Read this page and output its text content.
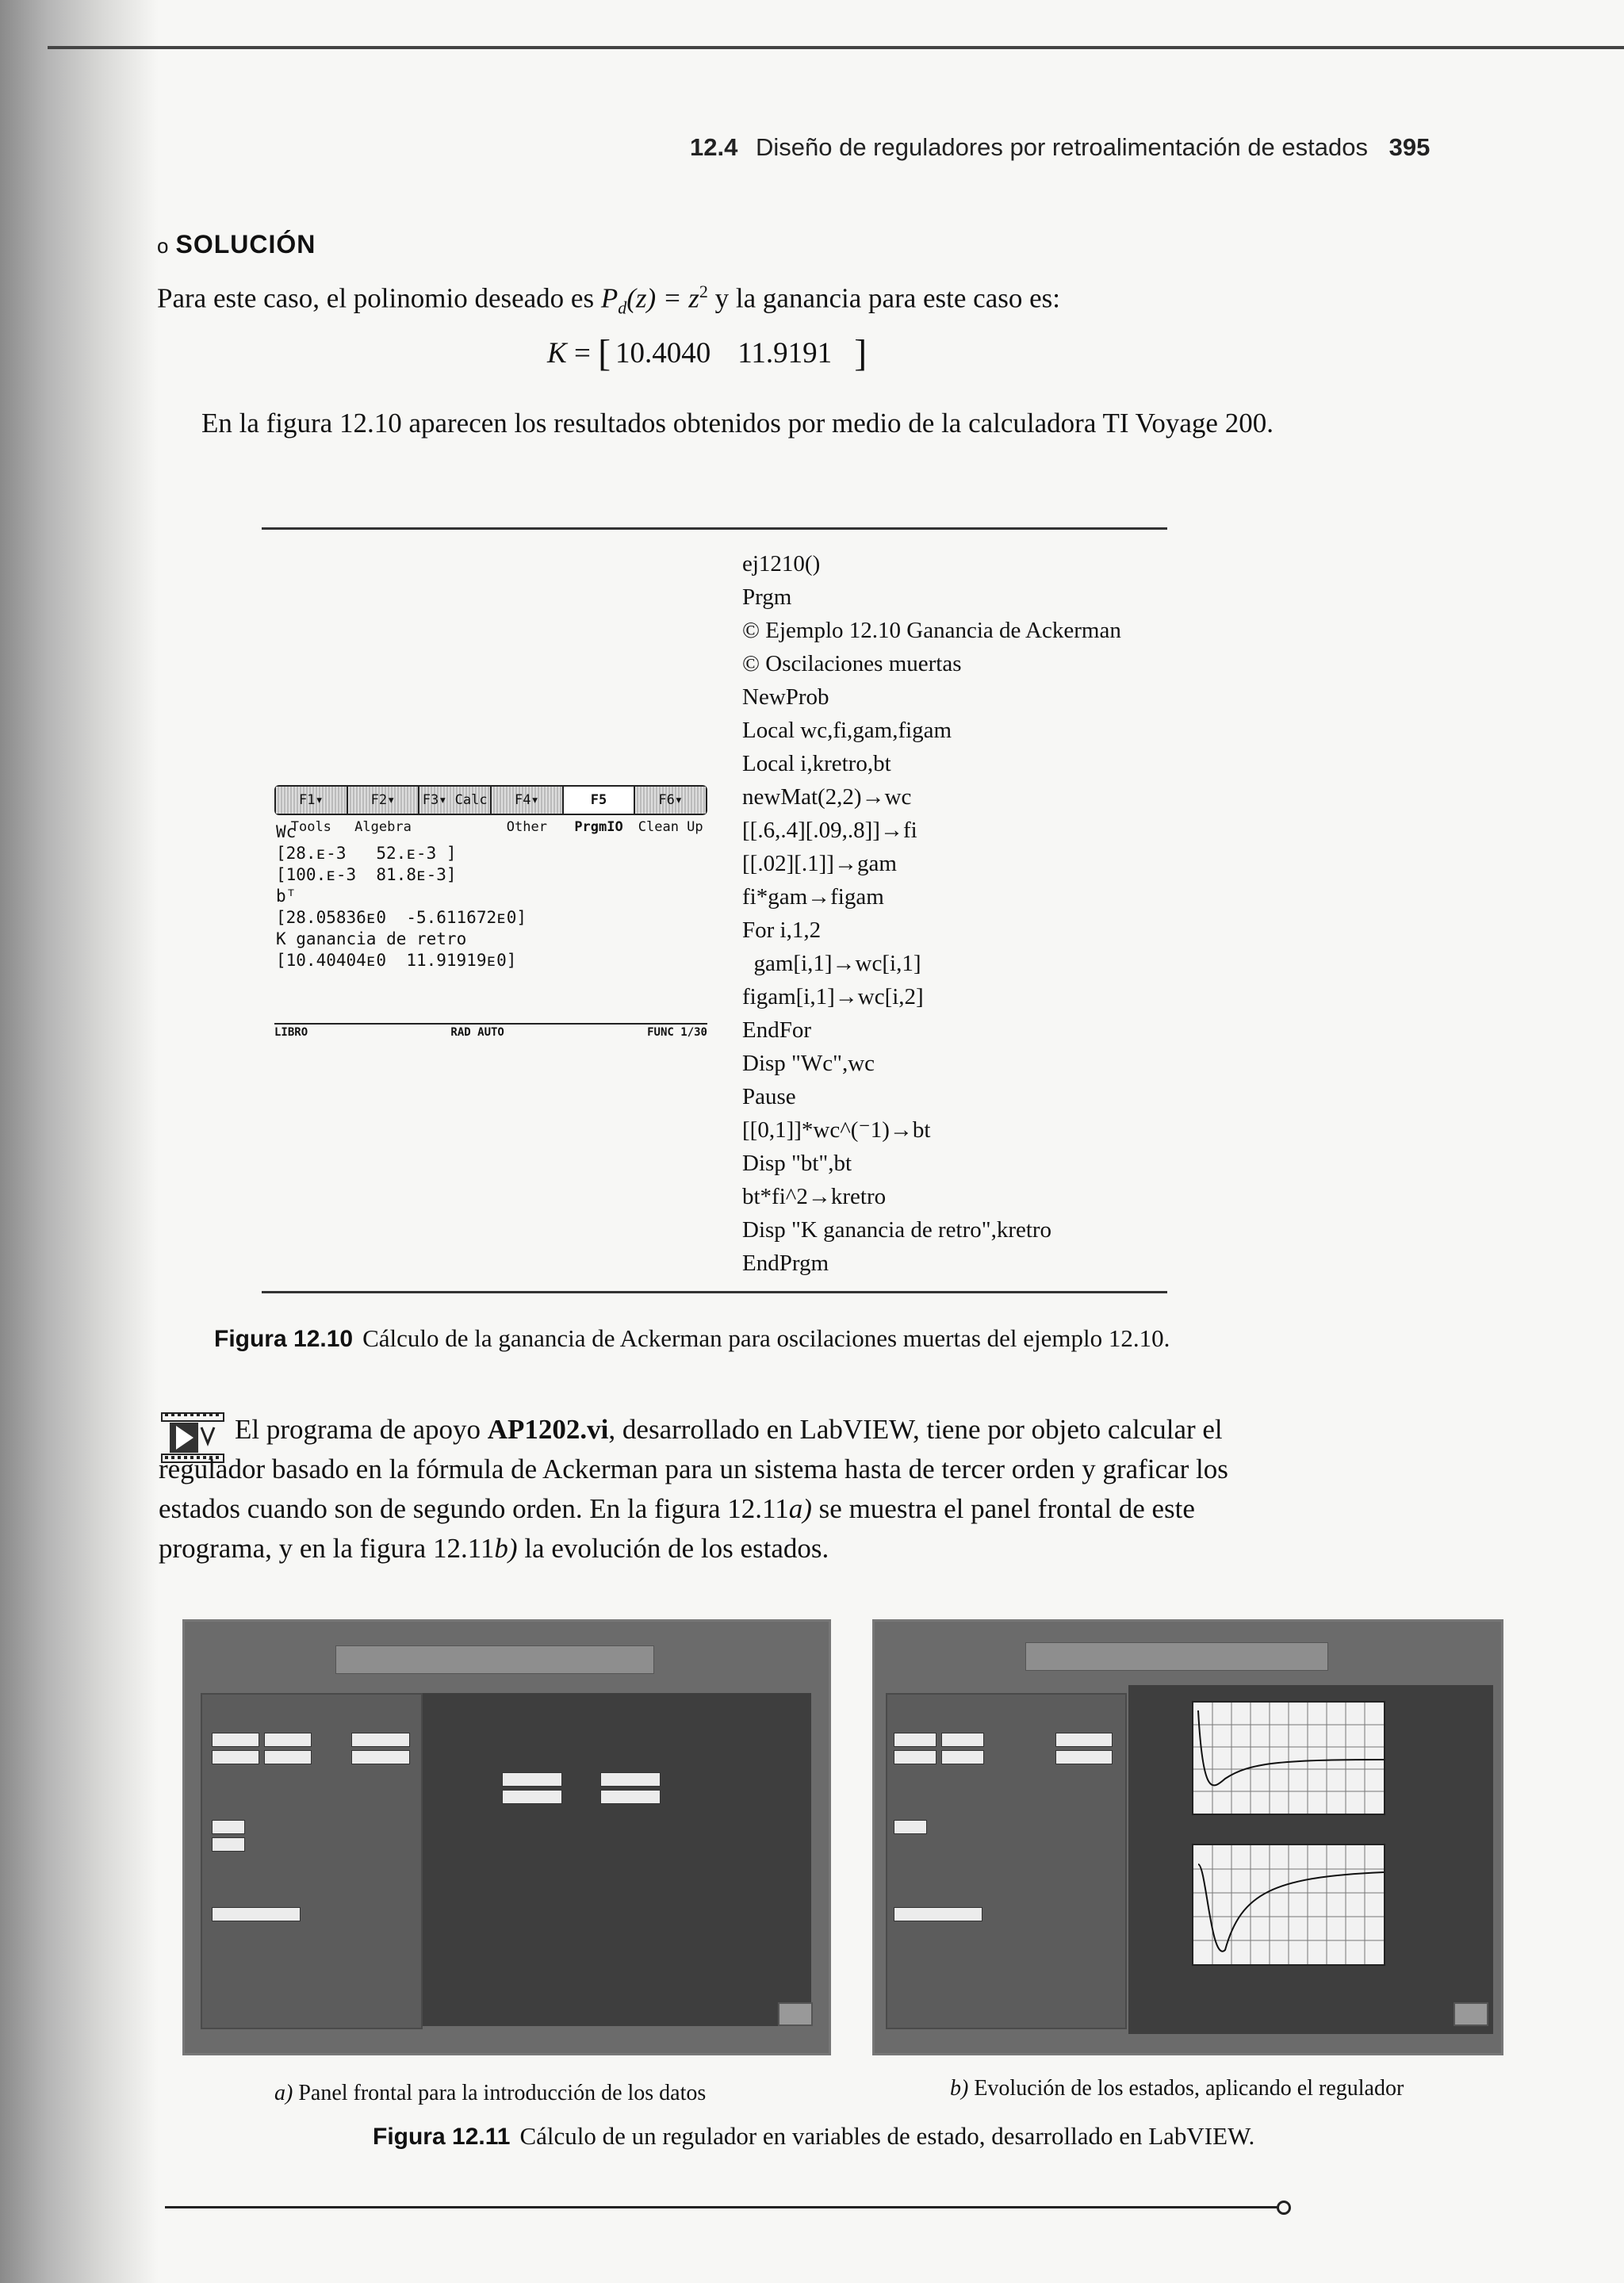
12.4 Diseño de reguladores por retroalimentación de estados 395
o SOLUCIÓN
Para este caso, el polinomio deseado es $P_d(z) = z^2$ y la ganancia para este caso es:
K = [ 10.4040 11.9191 ]
En la figura 12.10 aparecen los resultados obtenidos por medio de la calculadora TI Voyage 200.
F1▾ Tools
F2▾ Algebra
F3▾ Calc	F4▾ Other
F5 PrgmIO
F6▾ Clean Up
Wc
[28.ᴇ-3   52.ᴇ-3 ]
[100.ᴇ-3  81.8ᴇ-3]
bᵀ
[28.05836ᴇ0  -5.611672ᴇ0]
K ganancia de retro
[10.40404ᴇ0  11.91919ᴇ0]
LIBRO	RAD AUTO	FUNC 1/30
ej1210()
Prgm
© Ejemplo 12.10 Ganancia de Ackerman
© Oscilaciones muertas
NewProb
Local wc,fi,gam,figam
Local i,kretro,bt
newMat(2,2)→wc
[[.6,.4][.09,.8]]→fi
[[.02][.1]]→gam
fi*gam→figam
For i,1,2
gam[i,1]→wc[i,1]
figam[i,1]→wc[i,2]
EndFor
Disp "Wc",wc
Pause
[[0,1]]*wc^(⁻1)→bt
Disp "bt",bt
bt*fi^2→kretro
Disp "K ganancia de retro",kretro
EndPrgm
Figura 12.10 Cálculo de la ganancia de Ackerman para oscilaciones muertas del ejemplo 12.10.
El programa de apoyo AP1202.vi, desarrollado en LabVIEW, tiene por objeto calcular el regulador basado en la fórmula de Ackerman para un sistema hasta de tercer orden y graficar los estados cuando son de segundo orden. En la figura 12.11a) se muestra el panel frontal de este programa, y en la figura 12.11b) la evolución de los estados.
a) Panel frontal para la introducción de los datos	b) Evolución de los estados, aplicando el regulador
Figura 12.11 Cálculo de un regulador en variables de estado, desarrollado en LabVIEW.
